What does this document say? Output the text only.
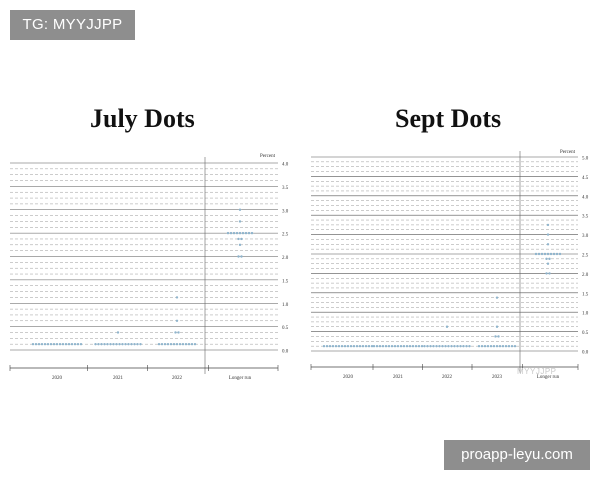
TG: MYYJJPP
July Dots	Sept Dots
0.0
0.5
1.0
1.5
2.0
2.5
3.0
3.5
4.0
Percent
2020	2021	2022	Longer run
0.0
0.5
1.0
1.5
2.0
2.5
3.0
3.5
4.0
4.5
5.0
Percent
2020	2021	2022	2023	Longer run
MYYJJPP
proapp-leyu.com
